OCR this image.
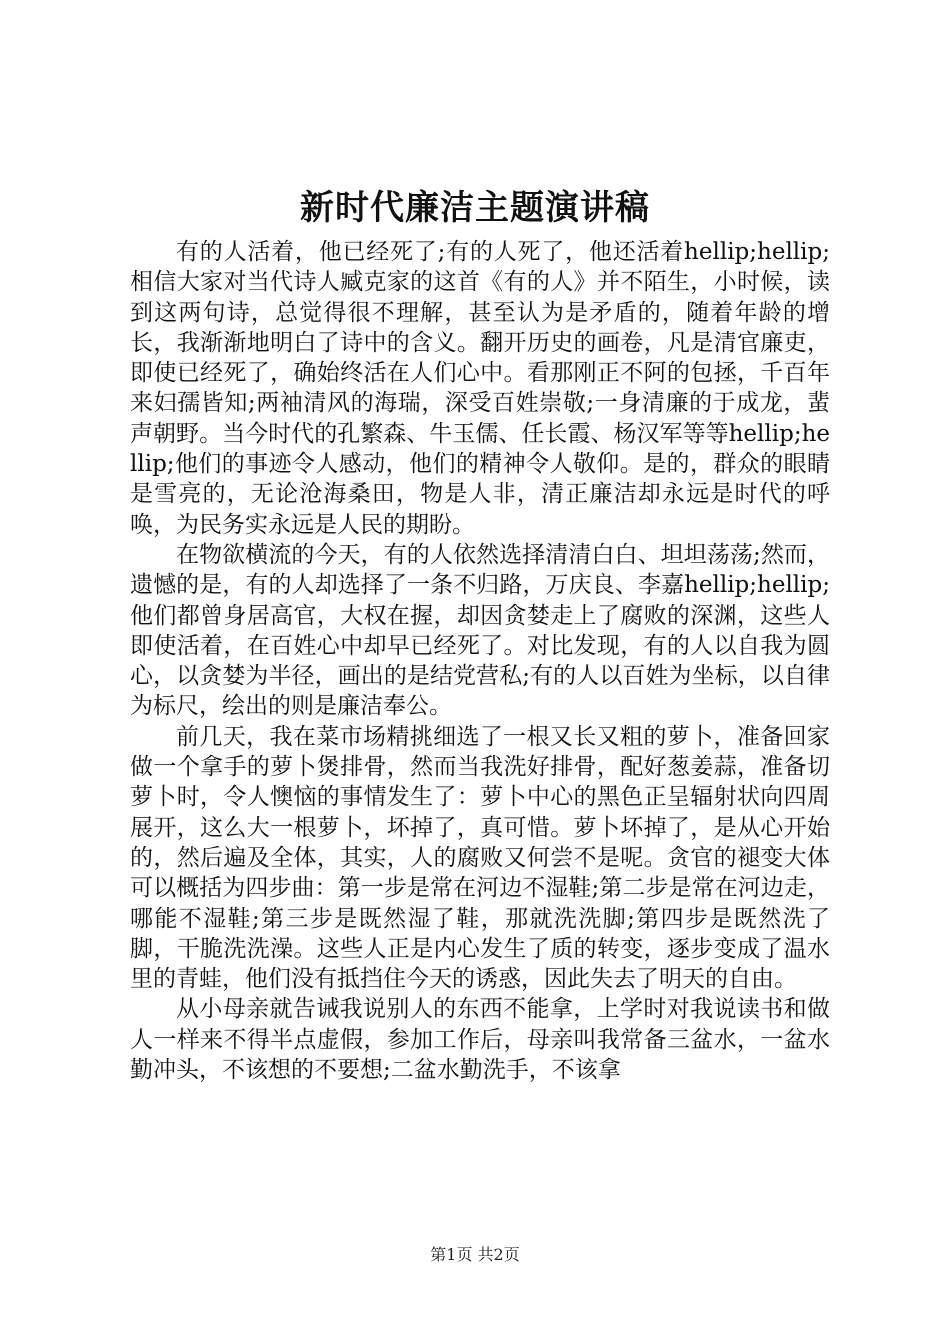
新时代廉洁主题演讲稿

有的人活着，他已经死了;有的人死了，他还活着hellip;hellip;相信大家对当代诗人臧克家的这首《有的人》并不陌生，小时候，读到这两句诗，总觉得很不理解，甚至认为是矛盾的，随着年龄的增长，我渐渐地明白了诗中的含义。翻开历史的画卷，凡是清官廉吏，即使已经死了，确始终活在人们心中。看那刚正不阿的包拯，千百年来妇孺皆知;两袖清风的海瑞，深受百姓崇敬;一身清廉的于成龙，蜚声朝野。当今时代的孔繁森、牛玉儒、任长霞、杨汉军等等hellip;hellip;他们的事迹令人感动，他们的精神令人敬仰。是的，群众的眼睛是雪亮的，无论沧海桑田，物是人非，清正廉洁却永远是时代的呼唤，为民务实永远是人民的期盼。

在物欲横流的今天，有的人依然选择清清白白、坦坦荡荡;然而，遗憾的是，有的人却选择了一条不归路，万庆良、李嘉hellip;hellip;他们都曾身居高官，大权在握，却因贪婪走上了腐败的深渊，这些人即使活着，在百姓心中却早已经死了。对比发现，有的人以自我为圆心，以贪婪为半径，画出的是结党营私;有的人以百姓为坐标，以自律为标尺，绘出的则是廉洁奉公。

前几天，我在菜市场精挑细选了一根又长又粗的萝卜，准备回家做一个拿手的萝卜煲排骨，然而当我洗好排骨，配好葱姜蒜，准备切萝卜时，令人懊恼的事情发生了：萝卜中心的黑色正呈辐射状向四周展开，这么大一根萝卜，坏掉了，真可惜。萝卜坏掉了，是从心开始的，然后遍及全体，其实，人的腐败又何尝不是呢。贪官的褪变大体可以概括为四步曲：第一步是常在河边不湿鞋;第二步是常在河边走，哪能不湿鞋;第三步是既然湿了鞋，那就洗洗脚;第四步是既然洗了脚，干脆洗洗澡。这些人正是内心发生了质的转变，逐步变成了温水里的青蛙，他们没有抵挡住今天的诱惑，因此失去了明天的自由。

从小母亲就告诫我说别人的东西不能拿，上学时对我说读书和做人一样来不得半点虚假，参加工作后，母亲叫我常备三盆水，一盆水勤冲头，不该想的不要想;二盆水勤洗手，不该拿

第1页 共2页
